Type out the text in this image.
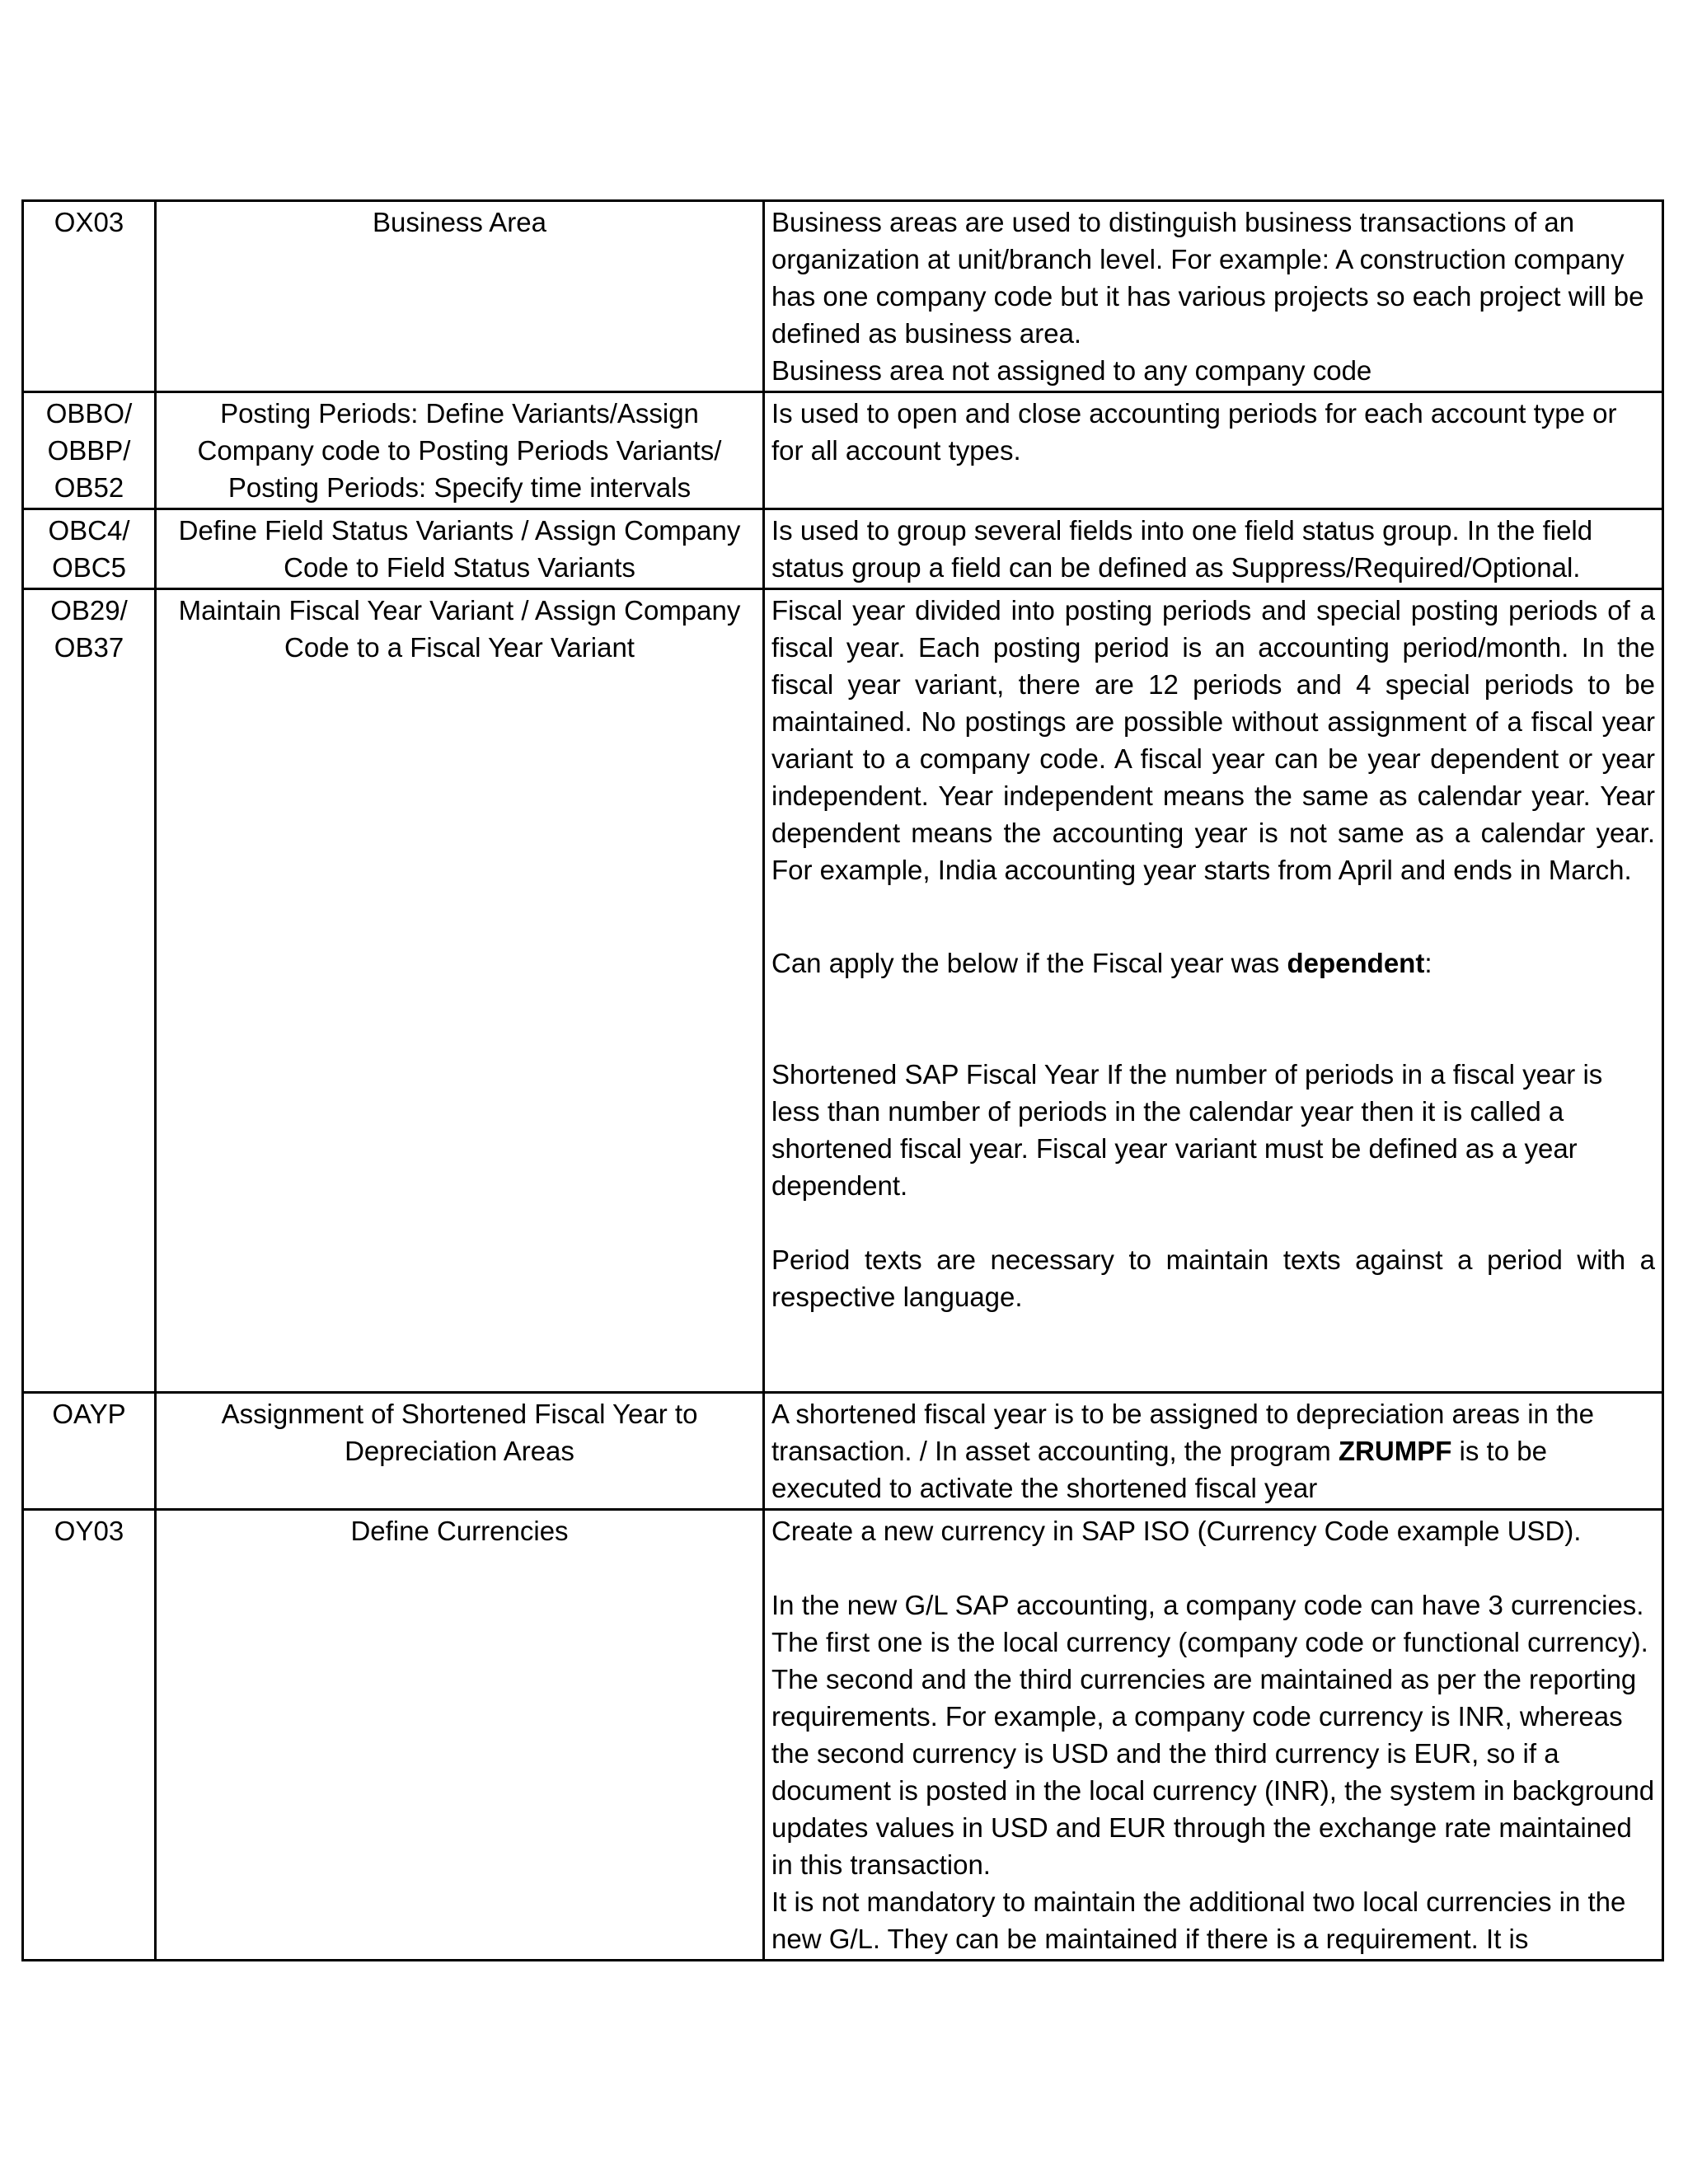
OX03	Business Area	Business areas are used to distinguish business transactions of an organization at unit/branch level. For example: A construction company has one company code but it has various projects so each project will be defined as business area.
Business area not assigned to any company code

OBBO/ OBBP/ OB52	Posting Periods: Define Variants/Assign Company code to Posting Periods Variants/ Posting Periods: Specify time intervals	Is used to open and close accounting periods for each account type or for all account types.

OBC4/ OBC5	Define Field Status Variants / Assign Company Code to Field Status Variants	Is used to group several fields into one field status group. In the field status group a field can be defined as Suppress/Required/Optional.

OB29/ OB37	Maintain Fiscal Year Variant / Assign Company Code to a Fiscal Year Variant	Fiscal year divided into posting periods and special posting periods of a fiscal year. Each posting period is an accounting period/month. In the fiscal year variant, there are 12 periods and 4 special periods to be maintained. No postings are possible without assignment of a fiscal year variant to a company code. A fiscal year can be year dependent or year independent. Year independent means the same as calendar year. Year dependent means the accounting year is not same as a calendar year. For example, India accounting year starts from April and ends in March.
Can apply the below if the Fiscal year was dependent:
Shortened SAP Fiscal Year If the number of periods in a fiscal year is less than number of periods in the calendar year then it is called a shortened fiscal year. Fiscal year variant must be defined as a year dependent.
Period texts are necessary to maintain texts against a period with a respective language.

OAYP	Assignment of Shortened Fiscal Year to Depreciation Areas	A shortened fiscal year is to be assigned to depreciation areas in the transaction. / In asset accounting, the program ZRUMPF is to be executed to activate the shortened fiscal year

OY03	Define Currencies	Create a new currency in SAP ISO (Currency Code example USD).
In the new G/L SAP accounting, a company code can have 3 currencies. The first one is the local currency (company code or functional currency). The second and the third currencies are maintained as per the reporting requirements. For example, a company code currency is INR, whereas the second currency is USD and the third currency is EUR, so if a document is posted in the local currency (INR), the system in background updates values in USD and EUR through the exchange rate maintained in this transaction.
It is not mandatory to maintain the additional two local currencies in the new G/L. They can be maintained if there is a requirement. It is
